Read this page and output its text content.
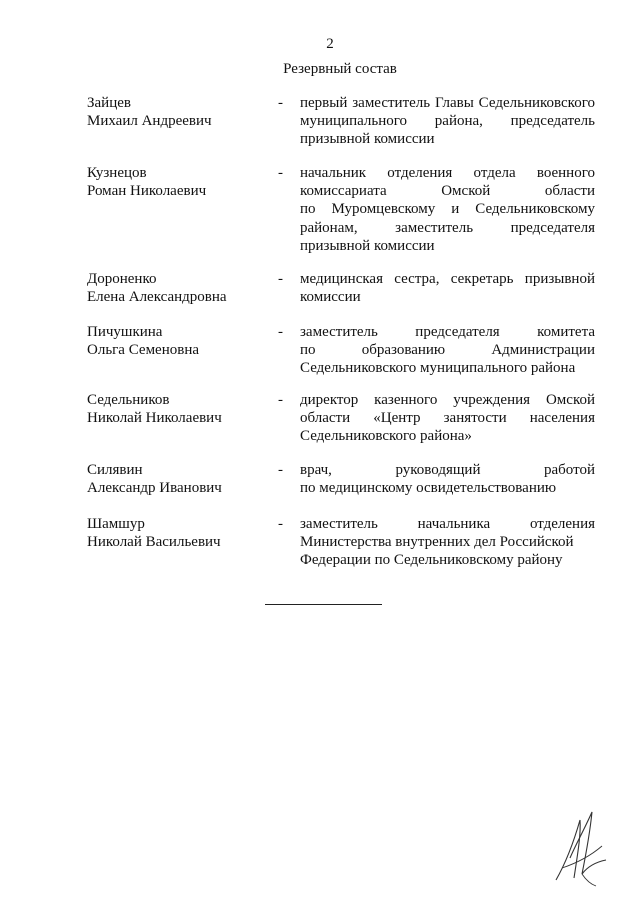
2
Резервный состав
Зайцев
Михаил Андреевич
- первый заместитель Главы Седельниковского
муниципального района, председатель
призывной комиссии
Кузнецов
Роман Николаевич
- начальник отделения отдела военного
комиссариата Омской области
по Муромцевскому и Седельниковскому
районам, заместитель председателя
призывной комиссии
Дороненко
Елена Александровна
- медицинская сестра, секретарь призывной
комиссии
Пичушкина
Ольга Семеновна
- заместитель председателя комитета
по образованию Администрации
Седельниковского муниципального района
Седельников
Николай Николаевич
- директор казенного учреждения Омской
области «Центр занятости населения
Седельниковского района»
Силявин
Александр Иванович
- врач, руководящий работой
по медицинскому освидетельствованию
Шамшур
Николай Васильевич
- заместитель начальника отделения
Министерства внутренних дел Российской
Федерации по Седельниковскому району
